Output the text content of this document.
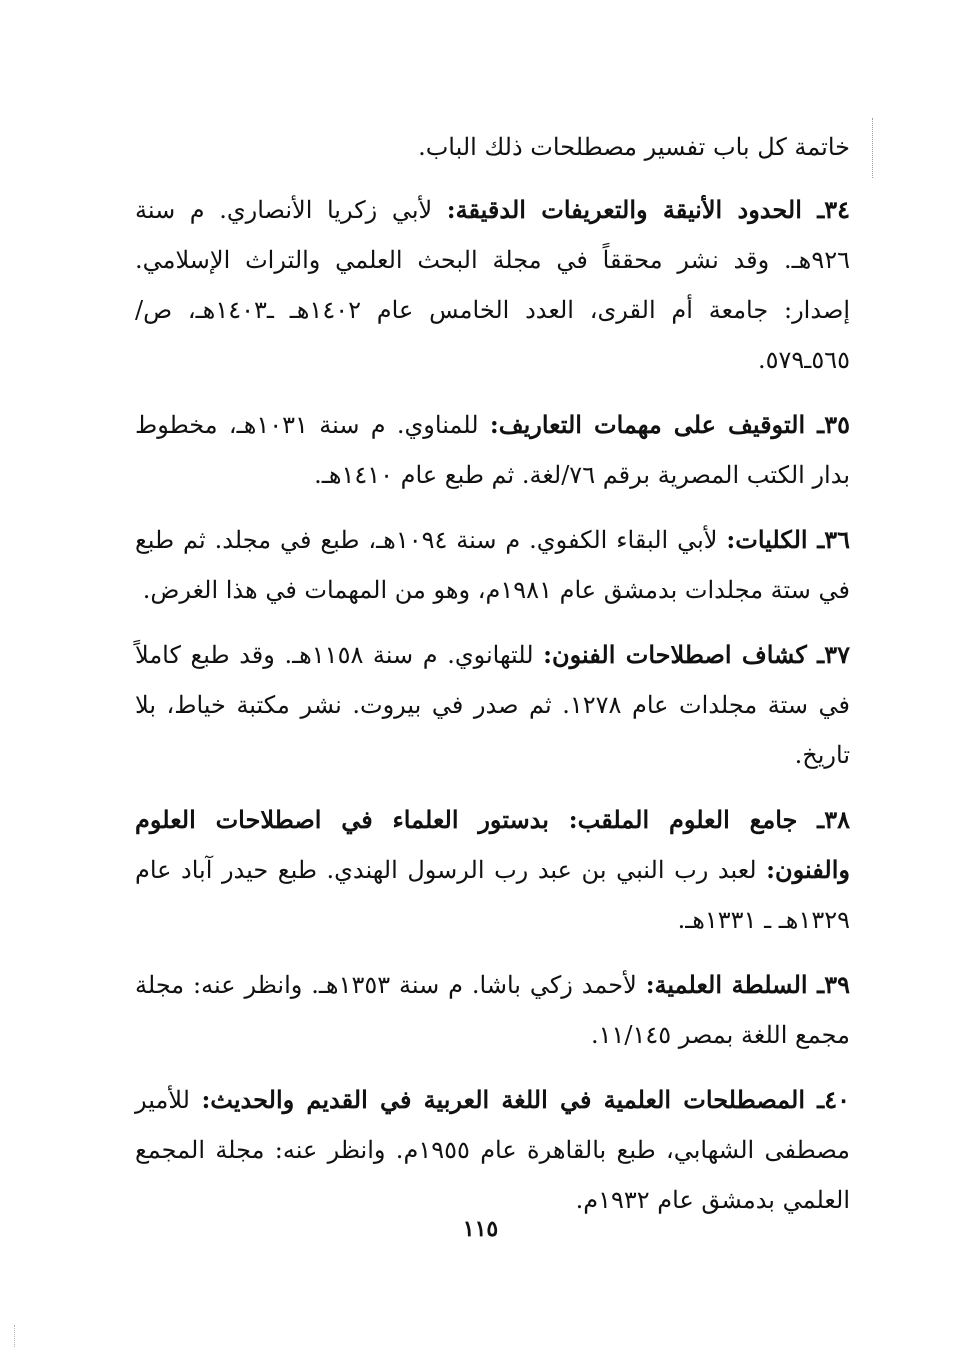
خاتمة كل باب تفسير مصطلحات ذلك الباب.

٣٤ـ الحدود الأنيقة والتعريفات الدقيقة: لأبي زكريا الأنصاري. م سنة ٩٢٦هـ. وقد نشر محققاً في مجلة البحث العلمي والتراث الإسلامي. إصدار: جامعة أم القرى، العدد الخامس عام ١٤٠٢هـ ـ١٤٠٣هـ، ص/٥٦٥ـ٥٧٩.

٣٥ـ التوقيف على مهمات التعاريف: للمناوي. م سنة ١٠٣١هـ، مخطوط بدار الكتب المصرية برقم ٧٦/لغة. ثم طبع عام ١٤١٠هـ.

٣٦ـ الكليات: لأبي البقاء الكفوي. م سنة ١٠٩٤هـ، طبع في مجلد. ثم طبع في ستة مجلدات بدمشق عام ١٩٨١م، وهو من المهمات في هذا الغرض.

٣٧ـ كشاف اصطلاحات الفنون: للتهانوي. م سنة ١١٥٨هـ. وقد طبع كاملاً في ستة مجلدات عام ١٢٧٨. ثم صدر في بيروت. نشر مكتبة خياط، بلا تاريخ.

٣٨ـ جامع العلوم الملقب: بدستور العلماء في اصطلاحات العلوم والفنون: لعبد رب النبي بن عبد رب الرسول الهندي. طبع حيدر آباد عام ١٣٢٩هـ ـ ١٣٣١هـ.

٣٩ـ السلطة العلمية: لأحمد زكي باشا. م سنة ١٣٥٣هـ. وانظر عنه: مجلة مجمع اللغة بمصر ١١/١٤٥.

٤٠ـ المصطلحات العلمية في اللغة العربية في القديم والحديث: للأمير مصطفى الشهابي، طبع بالقاهرة عام ١٩٥٥م. وانظر عنه: مجلة المجمع العلمي بدمشق عام ١٩٣٢م.

١١٥
